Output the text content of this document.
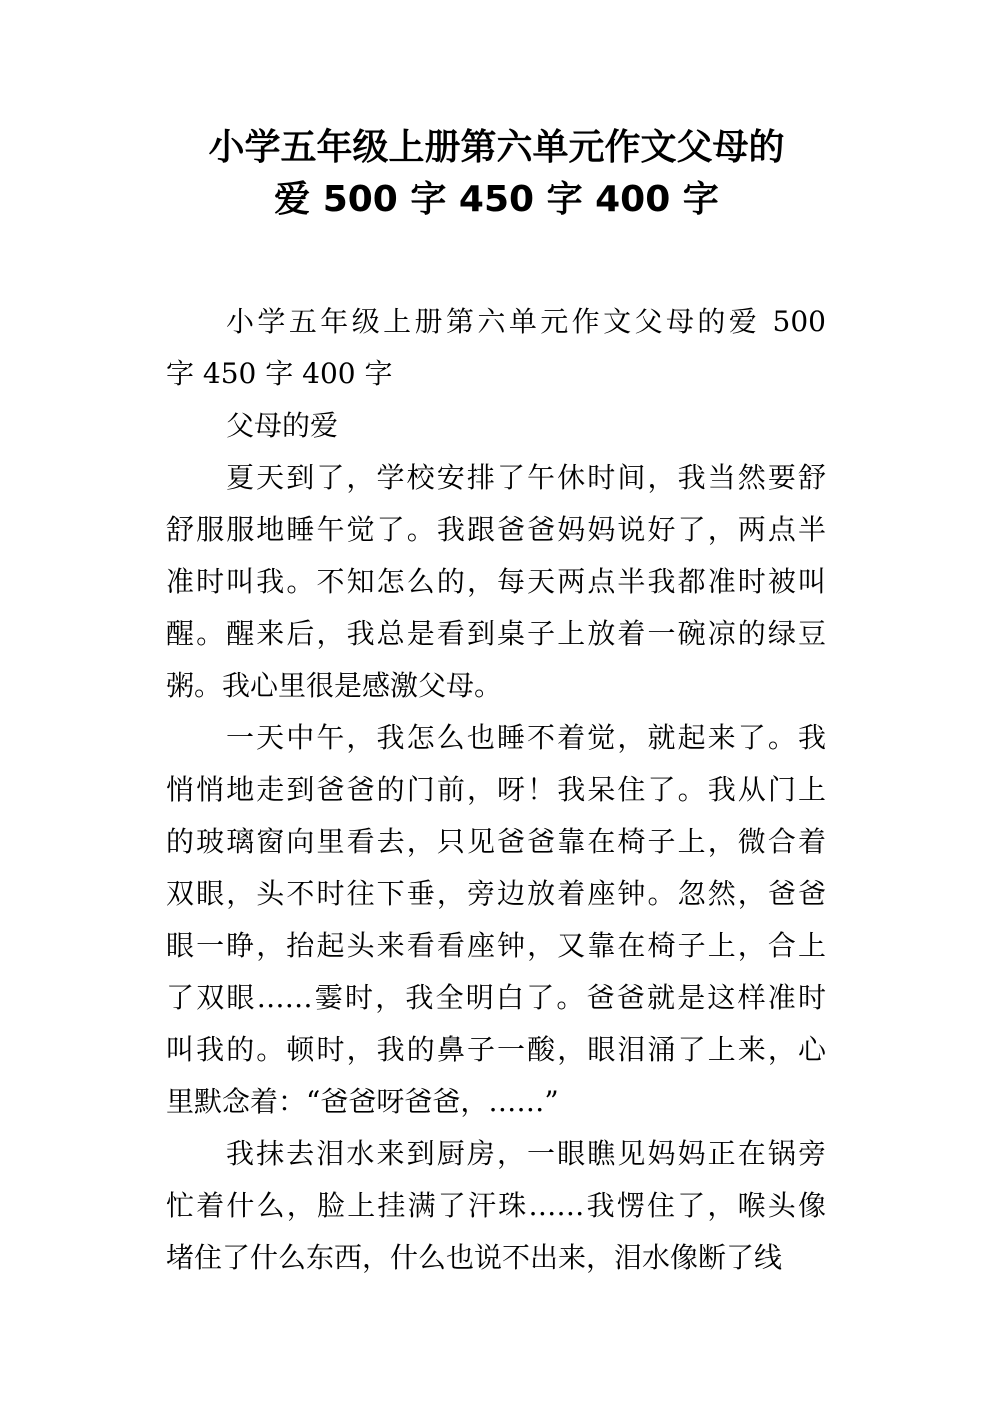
小学五年级上册第六单元作文父母的
爱 500 字 450 字 400 字
小学五年级上册第六单元作文父母的爱 500
字 450 字 400 字
父母的爱
夏天到了，学校安排了午休时间，我当然要舒
舒服服地睡午觉了。我跟爸爸妈妈说好了，两点半
准时叫我。不知怎么的，每天两点半我都准时被叫
醒。醒来后，我总是看到桌子上放着一碗凉的绿豆
粥。我心里很是感激父母。
一天中午，我怎么也睡不着觉，就起来了。我
悄悄地走到爸爸的门前，呀！我呆住了。我从门上
的玻璃窗向里看去，只见爸爸靠在椅子上，微合着
双眼，头不时往下垂，旁边放着座钟。忽然，爸爸
眼一睁，抬起头来看看座钟，又靠在椅子上，合上
了双眼……霎时，我全明白了。爸爸就是这样准时
叫我的。顿时，我的鼻子一酸，眼泪涌了上来，心
里默念着：“爸爸呀爸爸，……”
我抹去泪水来到厨房，一眼瞧见妈妈正在锅旁
忙着什么，脸上挂满了汗珠……我愣住了，喉头像
堵住了什么东西，什么也说不出来，泪水像断了线
